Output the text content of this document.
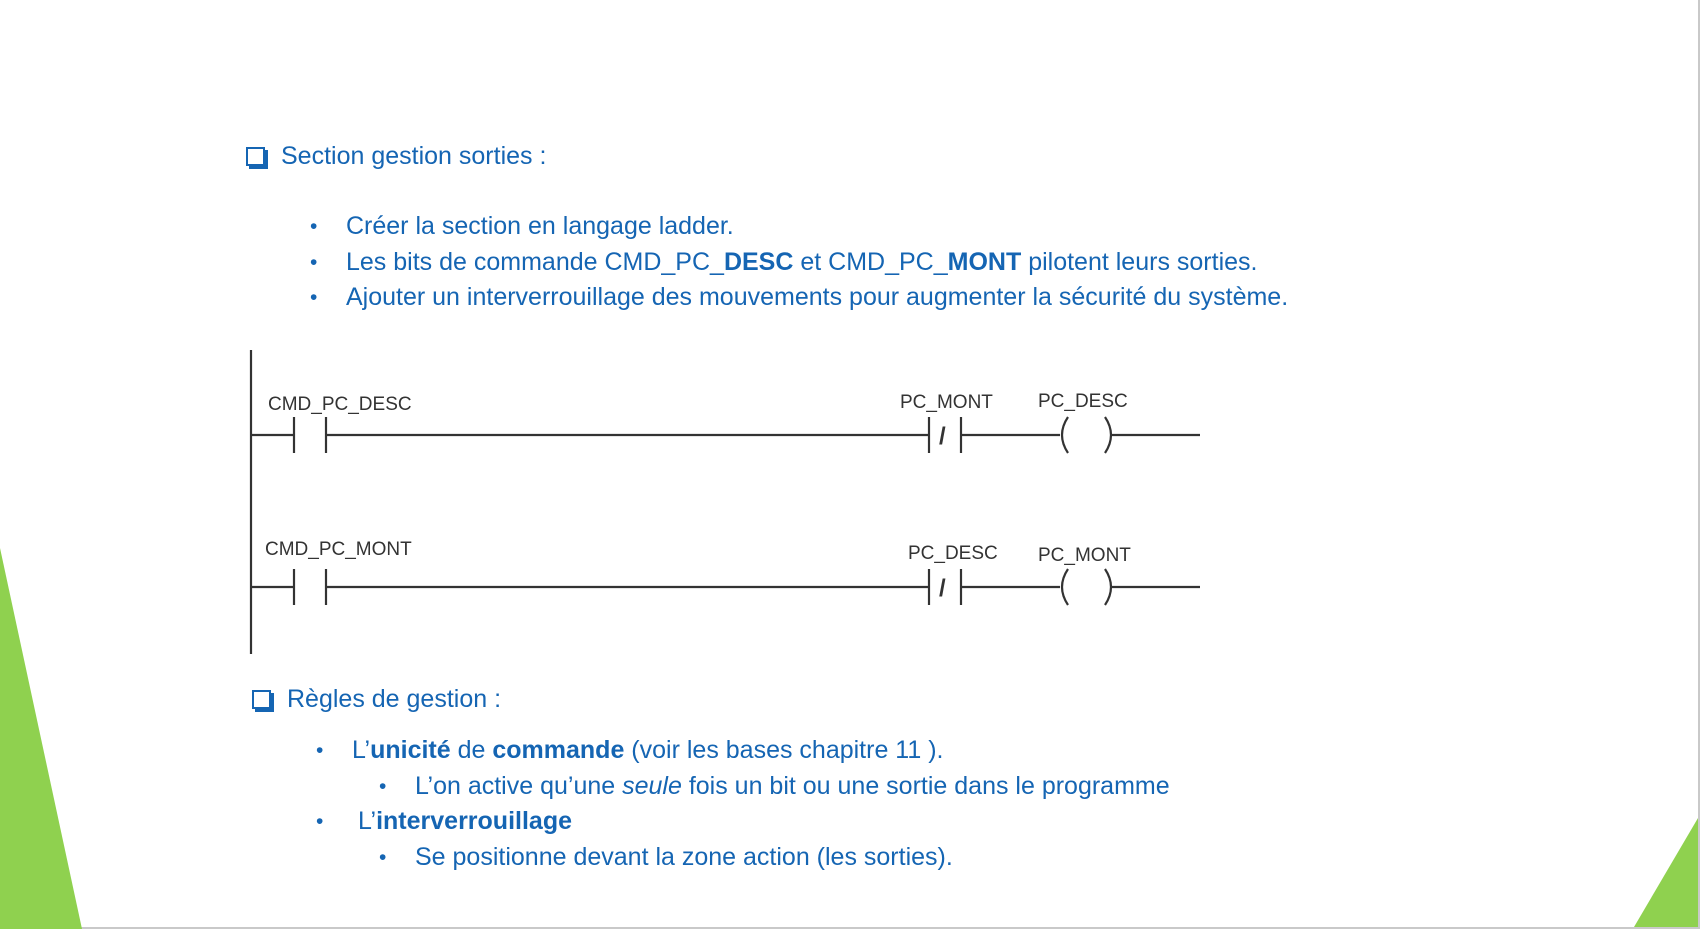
Section gestion sorties :
• Créer la section en langage ladder.
• Les bits de commande CMD_PC_DESC et CMD_PC_MONT pilotent leurs sorties.
• Ajouter un interverrouillage des mouvements pour augmenter la sécurité du système.
/
/
CMD_PC_DESC	PC_MONT PC_DESC
CMD_PC_MONT	PC_DESC PC_MONT
Règles de gestion :
• L’unicité de commande (voir les bases chapitre 11 ).
• L’on active qu’une seule fois un bit ou une sortie dans le programme
• L’interverrouillage
• Se positionne devant la zone action (les sorties).
